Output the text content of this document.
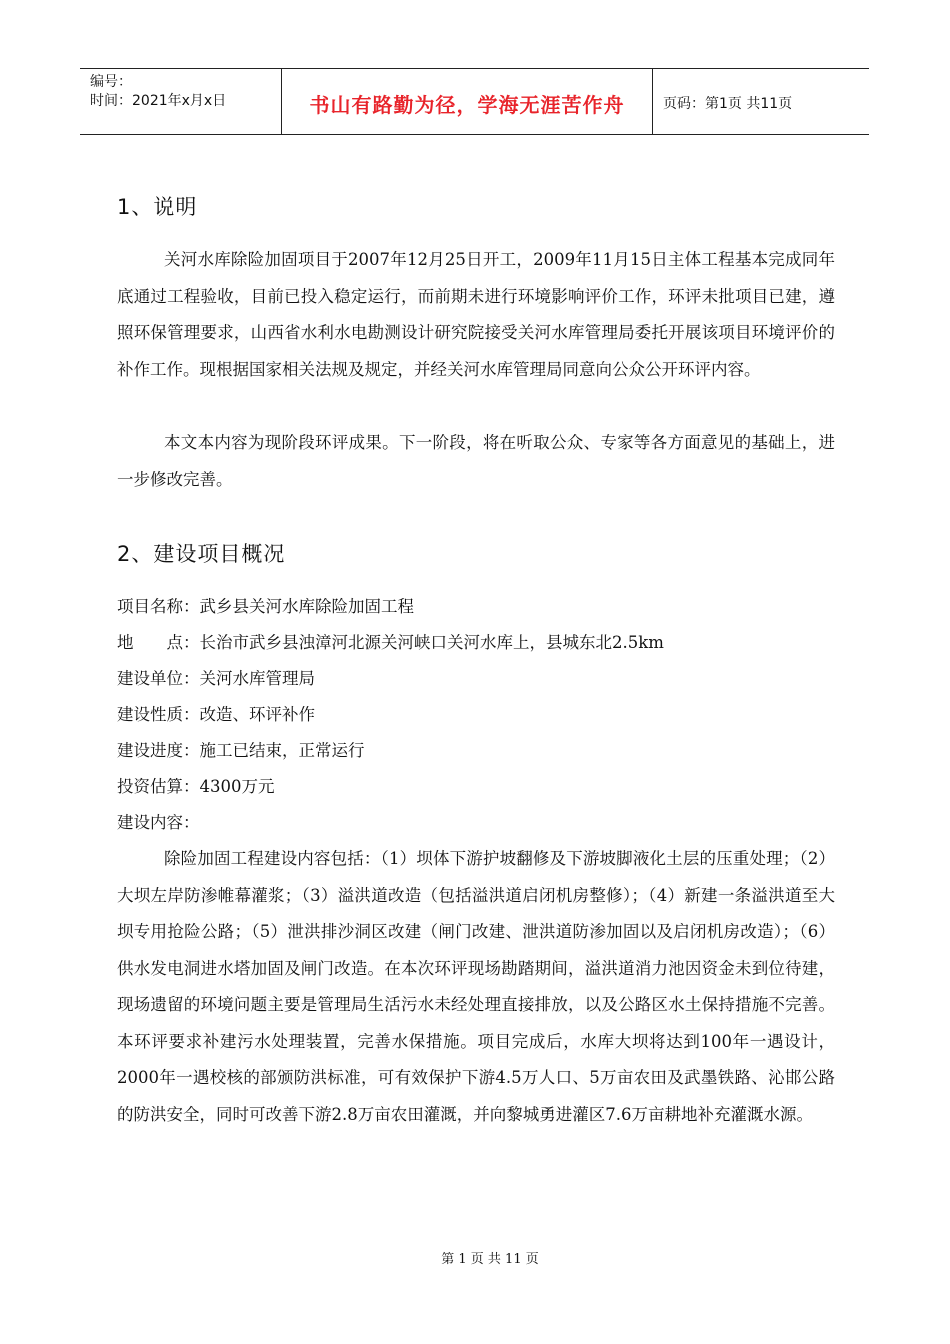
编号：
时间：2021年x月x日	书山有路勤为径，学海无涯苦作舟	页码：第1页 共11页
1、说明
关河水库除险加固项目于2007年12月25日开工，2009年11月15日主体工程基本完成同年底通过工程验收，目前已投入稳定运行，而前期未进行环境影响评价工作，环评未批项目已建，遵照环保管理要求，山西省水利水电勘测设计研究院接受关河水库管理局委托开展该项目环境评价的补作工作。现根据国家相关法规及规定，并经关河水库管理局同意向公众公开环评内容。
本文本内容为现阶段环评成果。下一阶段，将在听取公众、专家等各方面意见的基础上，进一步修改完善。
2、建设项目概况
项目名称：武乡县关河水库除险加固工程
地　　点：长治市武乡县浊漳河北源关河峡口关河水库上，县城东北2.5km
建设单位：关河水库管理局
建设性质：改造、环评补作
建设进度：施工已结束，正常运行
投资估算：4300万元
建设内容：
除险加固工程建设内容包括：（1）坝体下游护坡翻修及下游坡脚液化土层的压重处理；（2）大坝左岸防渗帷幕灌浆；（3）溢洪道改造（包括溢洪道启闭机房整修）；（4）新建一条溢洪道至大坝专用抢险公路；（5）泄洪排沙洞区改建（闸门改建、泄洪道防渗加固以及启闭机房改造）；（6）供水发电洞进水塔加固及闸门改造。在本次环评现场勘踏期间，溢洪道消力池因资金未到位待建，现场遗留的环境问题主要是管理局生活污水未经处理直接排放，以及公路区水土保持措施不完善。本环评要求补建污水处理装置，完善水保措施。项目完成后，水库大坝将达到100年一遇设计，2000年一遇校核的部颁防洪标准，可有效保护下游4.5万人口、5万亩农田及武墨铁路、沁邯公路的防洪安全，同时可改善下游2.8万亩农田灌溉，并向黎城勇进灌区7.6万亩耕地补充灌溉水源。
第 1 页 共 11 页
